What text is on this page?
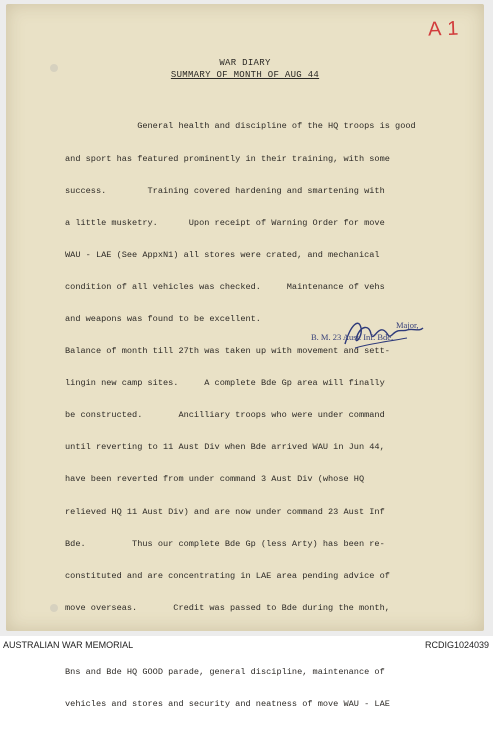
A1
WAR DIARY
SUMMARY OF MONTH OF AUG 44

General health and discipline of the HQ troops is good

and sport has featured prominently in their training, with some

success.        Training covered hardening and smartening with

a little musketry.      Upon receipt of Warning Order for move

WAU - LAE (See AppxN1) all stores were crated, and mechanical

condition of all vehicles was checked.     Maintenance of vehs

and weapons was found to be excellent.

Balance of month till 27th was taken up with movement and sett-

lingin new camp sites.     A complete Bde Gp area will finally

be constructed.       Ancilliary troops who were under command

until reverting to 11 Aust Div when Bde arrived WAU in Jun 44,

have been reverted from under command 3 Aust Div (whose HQ

relieved HQ 11 Aust Div) and are now under command 23 Aust Inf

Bde.         Thus our complete Bde Gp (less Arty) has been re-

constituted and are concentrating in LAE area pending advice of

move overseas.       Credit was passed to Bde during the month,

Bns and Bde HQ GOOD parade, general discipline, maintenance of

vehicles and stores and security and neatness of move WAU - LAE

Major,
B. M. 23 Aust. Inf. Bde.
AUSTRALIAN WAR MEMORIAL	RCDIG1024039
